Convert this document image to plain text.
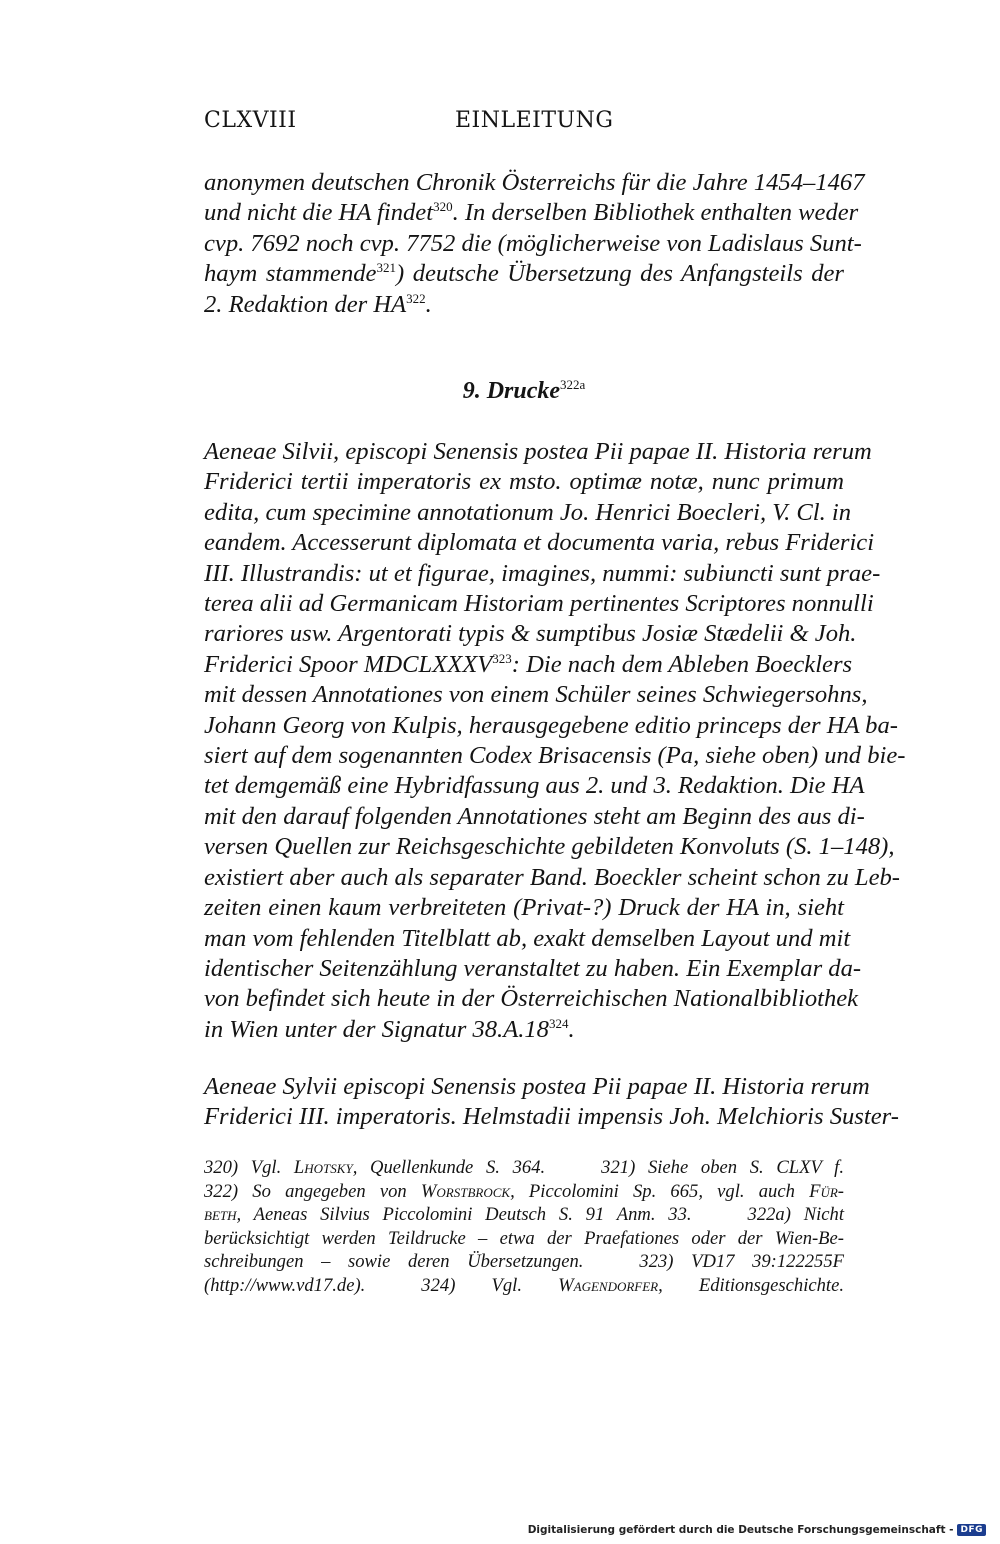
CLXVIII	EINLEITUNG
anonymen deutschen Chronik Österreichs für die Jahre 1454–1467
und nicht die HA findet$^{320}$. In derselben Bibliothek enthalten weder
cvp. 7692 noch cvp. 7752 die (möglicherweise von Ladislaus Sunt-
haym stammende$^{321}$) deutsche Übersetzung des Anfangsteils der
2. Redaktion der HA$^{322}$.
9. Drucke$^{322a}$
Aeneae Silvii, episcopi Senensis postea Pii papae II. Historia rerum
Friderici tertii imperatoris ex msto. optimæ notæ, nunc primum
edita, cum specimine annotationum Jo. Henrici Boecleri, V. Cl. in
eandem. Accesserunt diplomata et documenta varia, rebus Friderici
III. Illustrandis: ut et figurae, imagines, nummi: subiuncti sunt prae-
terea alii ad Germanicam Historiam pertinentes Scriptores nonnulli
rariores usw. Argentorati typis & sumptibus Josiæ Stædelii & Joh.
Friderici Spoor MDCLXXXV$^{323}$: Die nach dem Ableben Boecklers
mit dessen Annotationes von einem Schüler seines Schwiegersohns,
Johann Georg von Kulpis, herausgegebene editio princeps der HA ba-
siert auf dem sogenannten Codex Brisacensis (Pa, siehe oben) und bie-
tet demgemäß eine Hybridfassung aus 2. und 3. Redaktion. Die HA
mit den darauf folgenden Annotationes steht am Beginn des aus di-
versen Quellen zur Reichsgeschichte gebildeten Konvoluts (S. 1–148),
existiert aber auch als separater Band. Boeckler scheint schon zu Leb-
zeiten einen kaum verbreiteten (Privat-?) Druck der HA in, sieht
man vom fehlenden Titelblatt ab, exakt demselben Layout und mit
identischer Seitenzählung veranstaltet zu haben. Ein Exemplar da-
von befindet sich heute in der Österreichischen Nationalbibliothek
in Wien unter der Signatur $38.A.18^{324}$.
Aeneae Sylvii episcopi Senensis postea Pii papae II. Historia rerum
Friderici III. imperatoris. Helmstadii impensis Joh. Melchioris Suster-
320) Vgl. Lhotsky, Quellenkunde S. 364.	321) Siehe oben S. CLXV f.
322) So angegeben von Worstbrock, Piccolomini Sp. 665, vgl. auch Für-
beth, Aeneas Silvius Piccolomini Deutsch S. 91 Anm. 33.	322a) Nicht
berücksichtigt werden Teildrucke – etwa der Praefationes oder der Wien-Be-
schreibungen – sowie deren Übersetzungen.	323) VD17 39:122255F
(http://www.vd17.de).	324) Vgl. Wagendorfer, Editionsgeschichte.
Digitalisierung gefördert durch die Deutsche Forschungsgemeinschaft - DFG
